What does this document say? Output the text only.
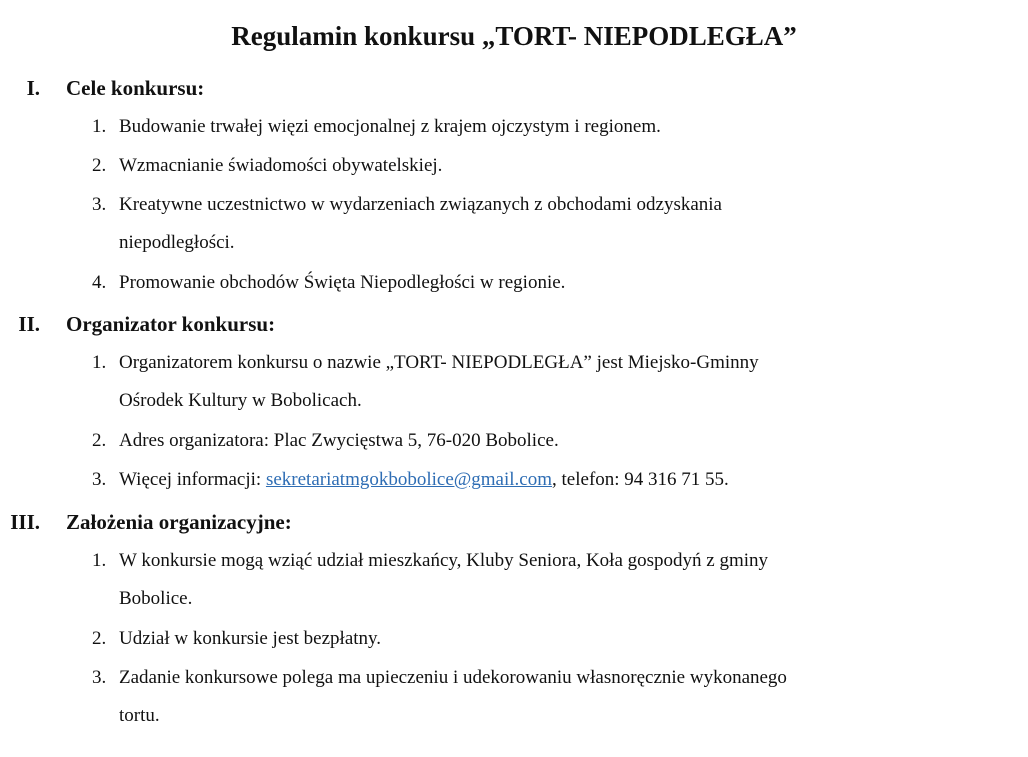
Regulamin konkursu „TORT- NIEPODLEGŁA”
I. Cele konkursu:
1. Budowanie trwałej więzi emocjonalnej z krajem ojczystym i regionem.
2. Wzmacnianie świadomości obywatelskiej.
3. Kreatywne uczestnictwo w wydarzeniach związanych z obchodami odzyskania
niepodległości.
4. Promowanie obchodów Święta Niepodległości w regionie.
II. Organizator konkursu:
1. Organizatorem konkursu o nazwie „TORT- NIEPODLEGŁA” jest Miejsko-Gminny
Ośrodek Kultury w Bobolicach.
2. Adres organizatora: Plac Zwycięstwa 5, 76-020 Bobolice.
3. Więcej informacji: sekretariatmgokbobolice@gmail.com, telefon: 94 316 71 55.
III. Założenia organizacyjne:
1. W konkursie mogą wziąć udział mieszkańcy, Kluby Seniora, Koła gospodyń z gminy
Bobolice.
2. Udział w konkursie jest bezpłatny.
3. Zadanie konkursowe polega ma upieczeniu i udekorowaniu własnoręcznie wykonanego
tortu.
